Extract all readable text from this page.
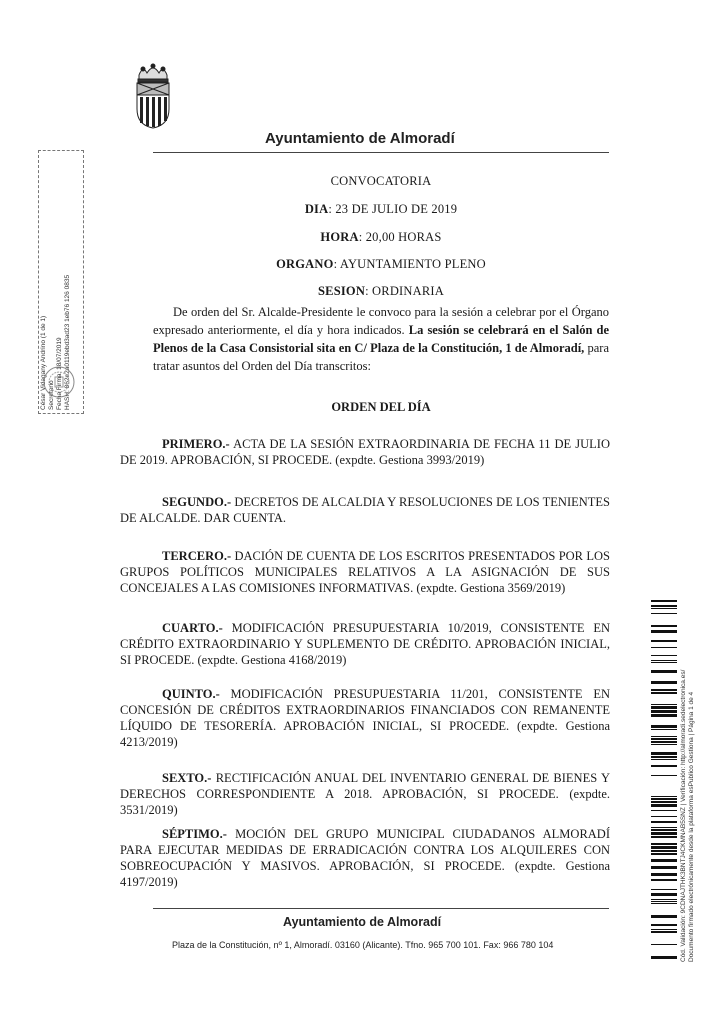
Ayuntamiento de Almoradí
CONVOCATORIA
DIA: 23 DE JULIO DE 2019
HORA: 20,00 HORAS
ORGANO: AYUNTAMIENTO PLENO
SESION: ORDINARIA
De orden del Sr. Alcalde-Presidente le convoco para la sesión a celebrar por el Órgano expresado anteriormente, el día y hora indicados. La sesión se celebrará en el Salón de Plenos de la Casa Consistorial sita en C/ Plaza de la Constitución, 1 de Almoradí, para tratar asuntos del Orden del Día transcritos:
ORDEN DEL DÍA
PRIMERO.- ACTA DE LA SESIÓN EXTRAORDINARIA DE FECHA 11 DE JULIO DE 2019. APROBACIÓN, SI PROCEDE. (expdte. Gestiona 3993/2019)
SEGUNDO.- DECRETOS DE ALCALDIA Y RESOLUCIONES DE LOS TENIENTES DE ALCALDE. DAR CUENTA.
TERCERO.- DACIÓN DE CUENTA DE LOS ESCRITOS PRESENTADOS POR LOS GRUPOS POLÍTICOS MUNICIPALES RELATIVOS A LA ASIGNACIÓN DE SUS CONCEJALES A LAS COMISIONES INFORMATIVAS. (expdte. Gestiona 3569/2019)
CUARTO.- MODIFICACIÓN PRESUPUESTARIA 10/2019, CONSISTENTE EN CRÉDITO EXTRAORDINARIO Y SUPLEMENTO DE CRÉDITO. APROBACIÓN INICIAL, SI PROCEDE. (expdte. Gestiona 4168/2019)
QUINTO.- MODIFICACIÓN PRESUPUESTARIA 11/201, CONSISTENTE EN CONCESIÓN DE CRÉDITOS EXTRAORDINARIOS FINANCIADOS CON REMANENTE LÍQUIDO DE TESORERÍA. APROBACIÓN INICIAL, SI PROCEDE. (expdte. Gestiona 4213/2019)
SEXTO.- RECTIFICACIÓN ANUAL DEL INVENTARIO GENERAL DE BIENES Y DERECHOS CORRESPONDIENTE A 2018. APROBACIÓN, SI PROCEDE. (expdte. 3531/2019)
SÉPTIMO.- MOCIÓN DEL GRUPO MUNICIPAL CIUDADANOS ALMORADÍ PARA EJECUTAR MEDIDAS DE ERRADICACIÓN CONTRA LOS ALQUILERES CON SOBREOCUPACIÓN Y MASIVOS. APROBACIÓN, SI PROCEDE. (expdte. Gestiona 4197/2019)
Ayuntamiento de Almoradí
Plaza de la Constitución, nº 1, Almoradí. 03160 (Alicante). Tfno. 965 700 101. Fax: 966 780 104
César Vidagany Andrino (1 de 1) Secretario Fecha Firma: 18/07/2019 HASH: 862e2a0119ebd3ad23 1eb76 126 0835
Cód. Validación: 9CDNAJTHK3BNTJ4CKMNAB5SNZ | Verificación: http://almoradi.sedelectronica.es/ Documento firmado electrónicamente desde la plataforma esPublico Gestiona | Página 1 de 4
